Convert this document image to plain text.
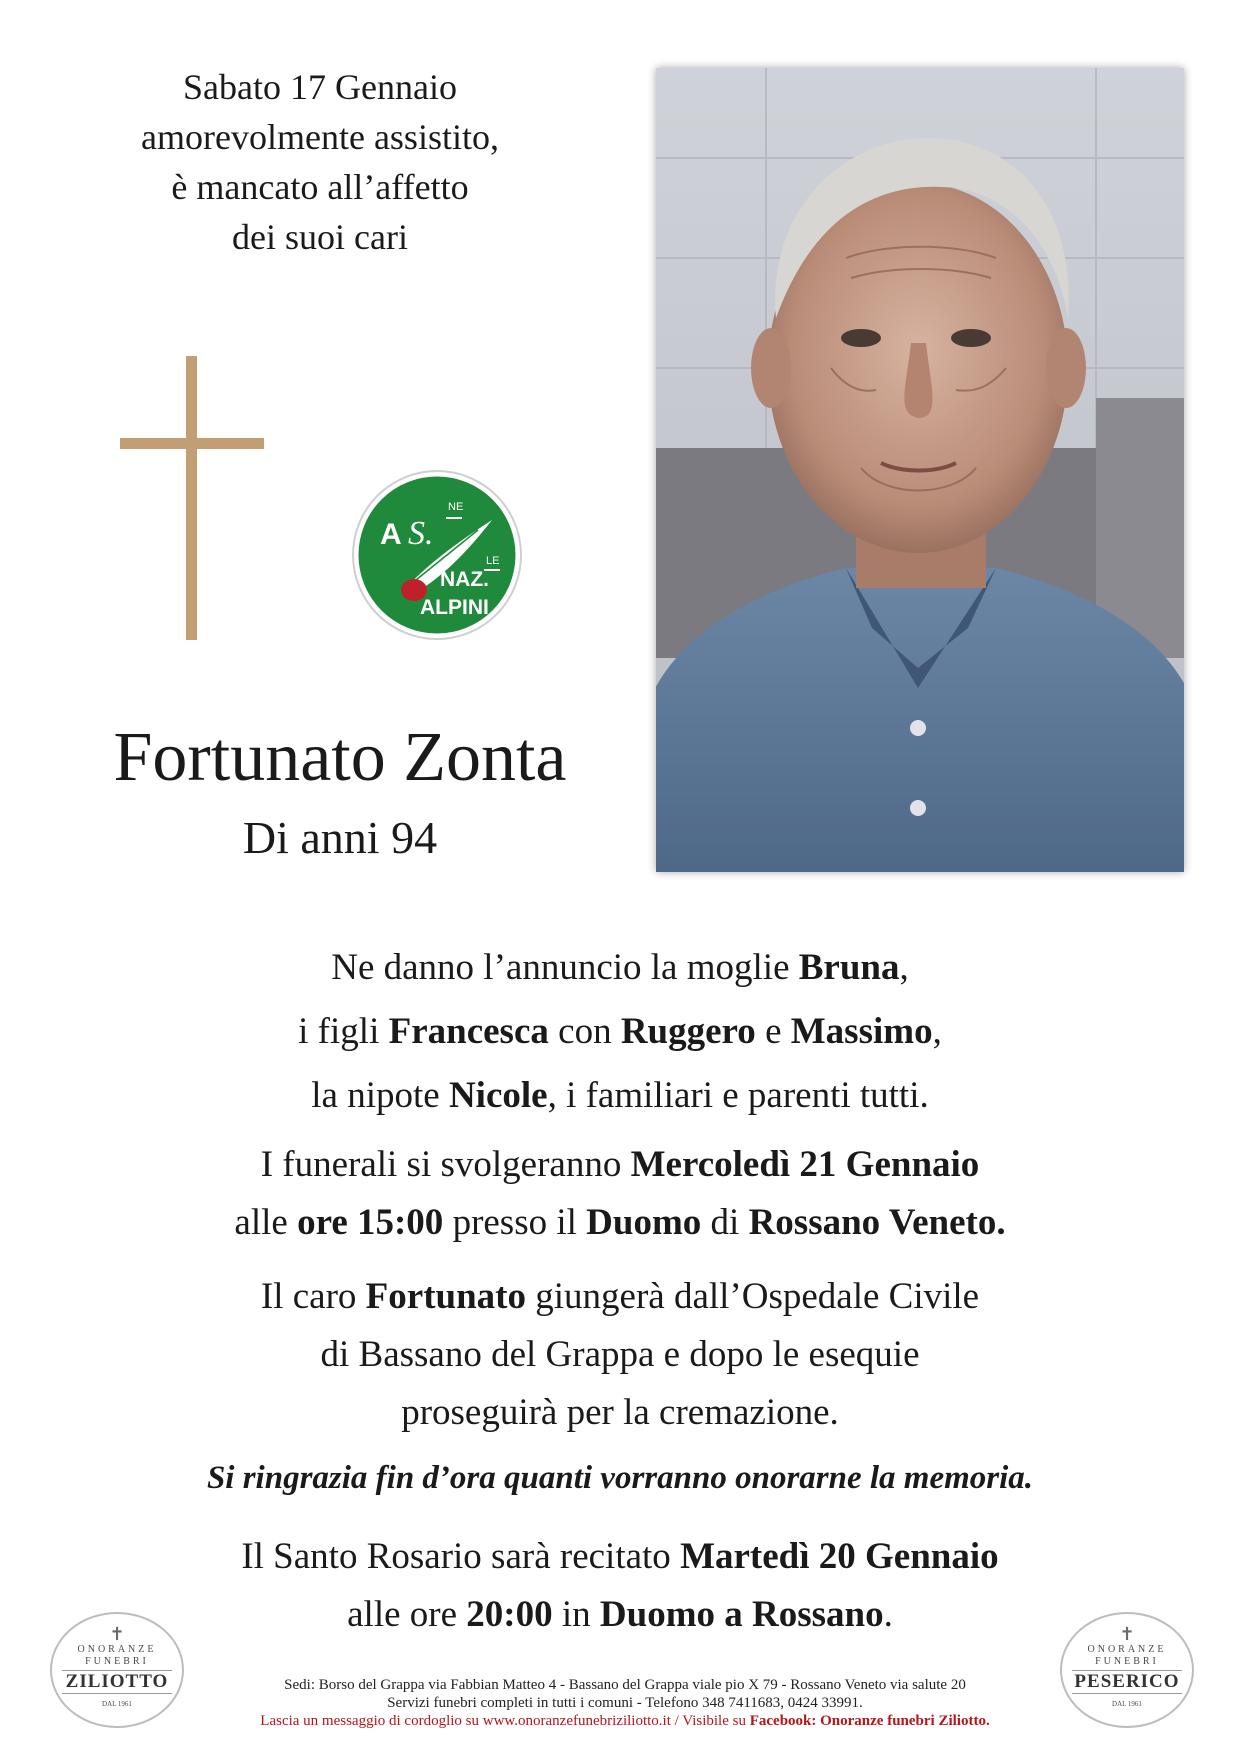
Sabato 17 Gennaio
amorevolmente assistito,
è mancato all’affetto
dei suoi cari
A S.
NE
LE
NAZ.
ALPINI
Fortunato Zonta
Di anni 94
Ne danno l’annuncio la moglie Bruna,
i figli Francesca con Ruggero e Massimo,
la nipote Nicole, i familiari e parenti tutti.
I funerali si svolgeranno Mercoledì 21 Gennaio
alle ore 15:00 presso il Duomo di Rossano Veneto.
Il caro Fortunato giungerà dall’Ospedale Civile
di Bassano del Grappa e dopo le esequie
proseguirà per la cremazione.
Si ringrazia fin d’ora quanti vorranno onorarne la memoria.
Il Santo Rosario sarà recitato Martedì 20 Gennaio
alle ore 20:00 in Duomo a Rossano.
✝
ONORANZE
FUNEBRI
ZILIOTTO
DAL 1961
✝
ONORANZE
FUNEBRI
PESERICO
DAL 1961
Sedi: Borso del Grappa via Fabbian Matteo 4 - Bassano del Grappa viale pio X 79 - Rossano Veneto via salute 20
Servizi funebri completi in tutti i comuni - Telefono 348 7411683, 0424 33991.
Lascia un messaggio di cordoglio su www.onoranzefunebriziliotto.it / Visibile su Facebook: Onoranze funebri Ziliotto.
